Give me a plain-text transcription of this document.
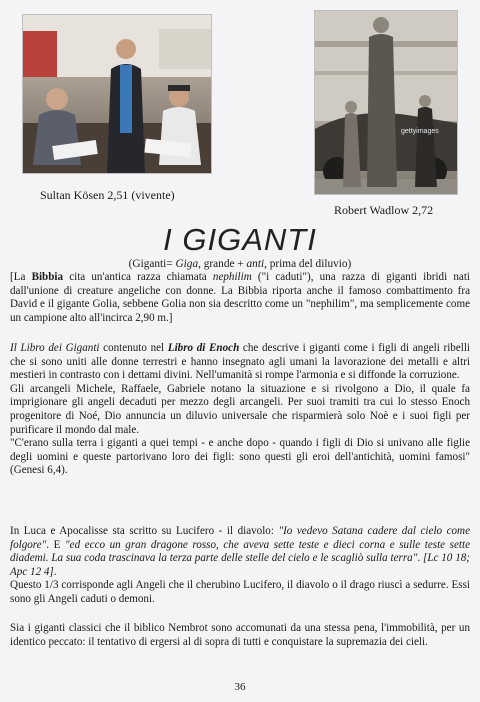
gettyimages
Sultan Kösen 2,51 (vivente)
Robert Wadlow 2,72
I GIGANTI
(Giganti= Giga, grande + anti, prima del diluvio)
[La Bibbia cita un'antica razza chiamata nephilim ("i caduti"), una razza di giganti ibridi nati dall'unione di creature angeliche con donne. La Bibbia riporta anche il famoso combattimento fra David e il gigante Golia, sebbene Golia non sia descritto come un "nephilim", ma semplicemente come un campione alto all'incirca 2,90 m.]
Il Libro dei Giganti contenuto nel Libro di Enoch che descrive i giganti come i figli di angeli ribelli che si sono uniti alle donne terrestri e hanno insegnato agli umani la lavorazione dei metalli e altri mestieri in contrasto con i dettami divini. Nell'umanità si rompe l'armonia e si diffonde la corruzione.
Gli arcangeli Michele, Raffaele, Gabriele notano la situazione e si rivolgono a Dio, il quale fa imprigionare gli angeli decaduti per mezzo degli arcangeli. Per suoi tramiti tra cui lo stesso Enoch progenitore di Noé, Dio annuncia un diluvio universale che risparmierà solo Noè e i suoi figli per purificare il mondo dal male.
"C'erano sulla terra i giganti a quei tempi - e anche dopo - quando i figli di Dio si univano alle figlie degli uomini e queste partorivano loro dei figli: sono questi gli eroi dell'antichità, uomini famosi" (Genesi 6,4).
In Luca e Apocalisse sta scritto su Lucifero - il diavolo: "Io vedevo Satana cadere dal cielo come folgore". E "ed ecco un gran dragone rosso, che aveva sette teste e dieci corna e sulle teste sette diademi. La sua coda trascinava la terza parte delle stelle del cielo e le scagliò sulla terra". [Lc 10 18; Apc 12 4].
Questo 1/3 corrisponde agli Angeli che il cherubino Lucifero, il diavolo o il drago riuscì a sedurre. Essi sono gli Angeli caduti o demoni.
Sia i giganti classici che il biblico Nembrot sono accomunati da una stessa pena, l'immobilità, per un identico peccato: il tentativo di ergersi al di sopra di tutti e conquistare la supremazia dei cieli.
36
